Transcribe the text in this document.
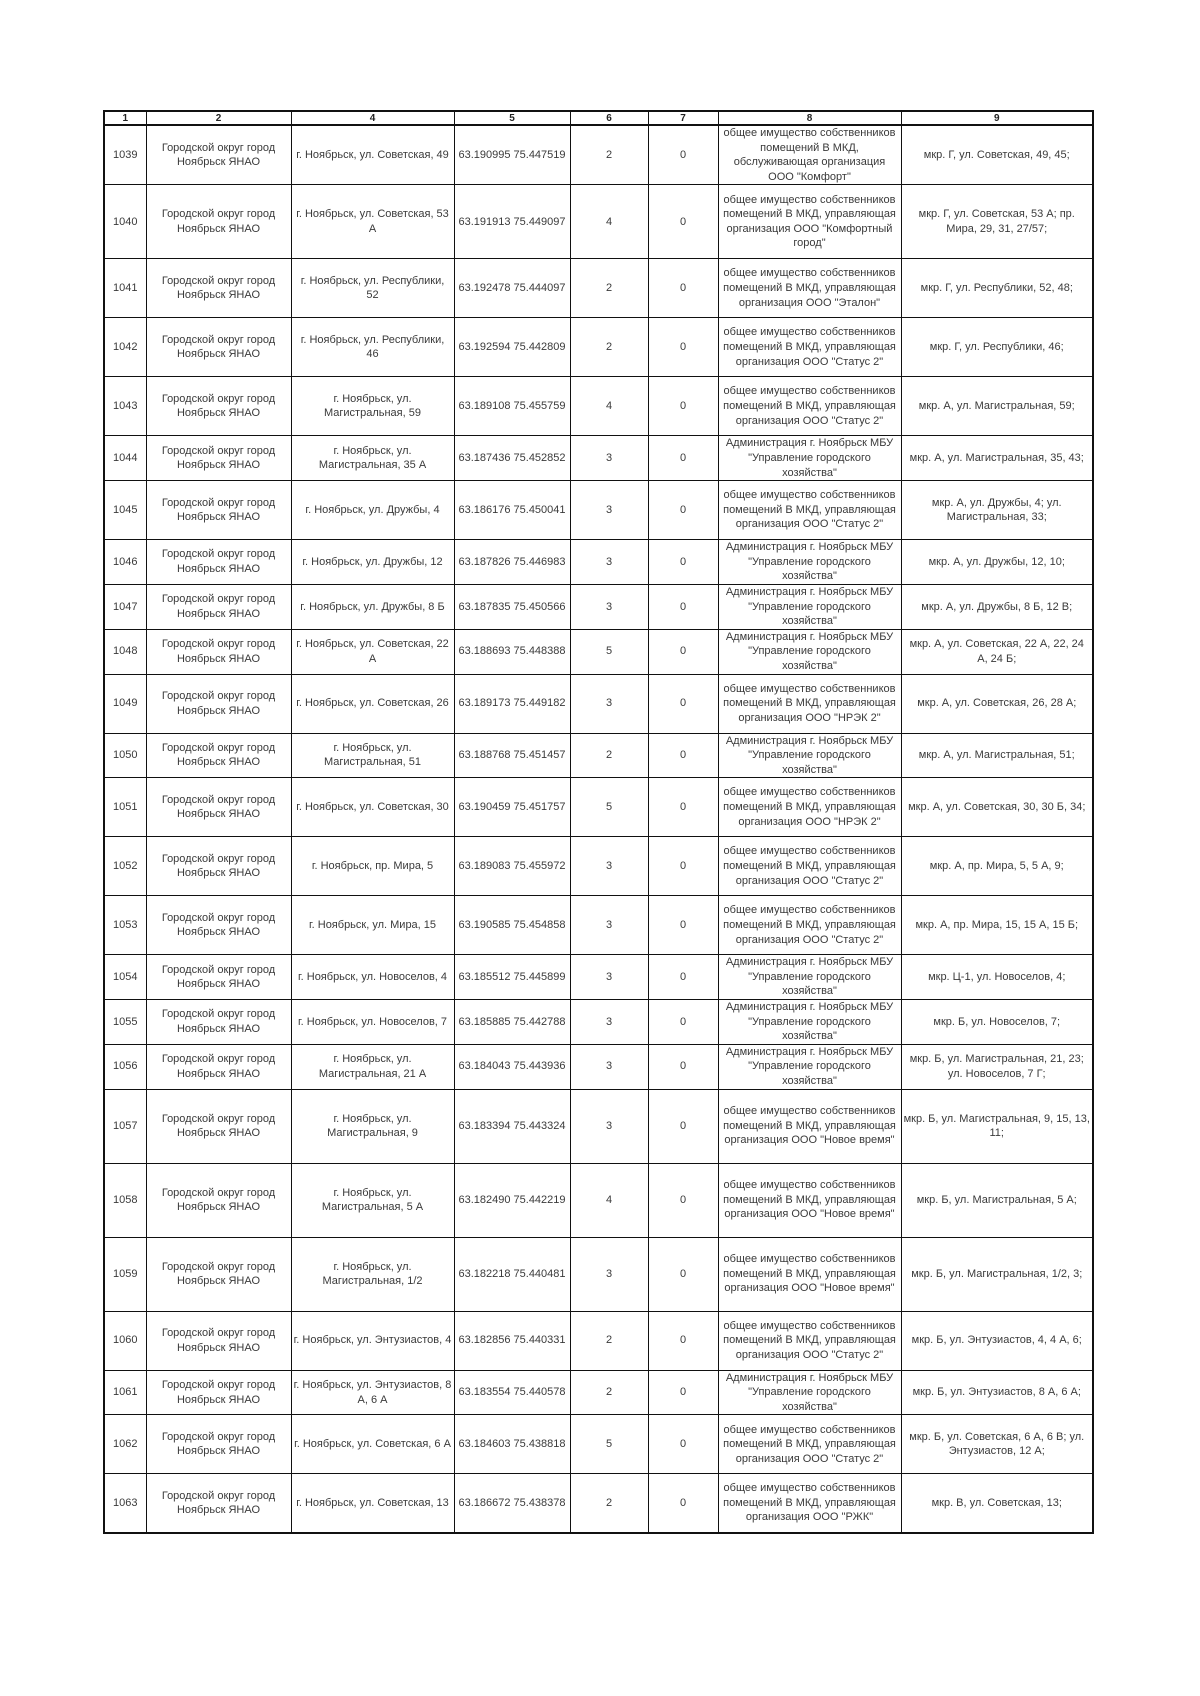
1	2	4	5	6	7	8	9
1039	Городской округ город Ноябрьск ЯНАО	г. Ноябрьск, ул. Советская, 49	63.190995 75.447519	2	0	общее имущество собственников помещений В МКД, обслуживающая организация ООО "Комфорт"	мкр. Г, ул. Советская, 49, 45;
1040	Городской округ город Ноябрьск ЯНАО	г. Ноябрьск, ул. Советская, 53 А	63.191913 75.449097	4	0	общее имущество собственников помещений В МКД, управляющая организация ООО "Комфортный город"	мкр. Г, ул. Советская, 53 А; пр. Мира, 29, 31, 27/57;
1041	Городской округ город Ноябрьск ЯНАО	г. Ноябрьск, ул. Республики, 52	63.192478 75.444097	2	0	общее имущество собственников помещений В МКД, управляющая организация ООО "Эталон"	мкр. Г, ул. Республики, 52, 48;
1042	Городской округ город Ноябрьск ЯНАО	г. Ноябрьск, ул. Республики, 46	63.192594 75.442809	2	0	общее имущество собственников помещений В МКД, управляющая организация ООО "Статус 2"	мкр. Г, ул. Республики, 46;
1043	Городской округ город Ноябрьск ЯНАО	г. Ноябрьск, ул. Магистральная, 59	63.189108 75.455759	4	0	общее имущество собственников помещений В МКД, управляющая организация ООО "Статус 2"	мкр. А, ул. Магистральная, 59;
1044	Городской округ город Ноябрьск ЯНАО	г. Ноябрьск, ул. Магистральная, 35 А	63.187436 75.452852	3	0	Администрация г. Ноябрьск МБУ "Управление городского хозяйства"	мкр. А, ул. Магистральная, 35, 43;
1045	Городской округ город Ноябрьск ЯНАО	г. Ноябрьск, ул. Дружбы, 4	63.186176 75.450041	3	0	общее имущество собственников помещений В МКД, управляющая организация ООО "Статус 2"	мкр. А, ул. Дружбы, 4; ул. Магистральная, 33;
1046	Городской округ город Ноябрьск ЯНАО	г. Ноябрьск, ул. Дружбы, 12	63.187826 75.446983	3	0	Администрация г. Ноябрьск МБУ "Управление городского хозяйства"	мкр. А, ул. Дружбы, 12, 10;
1047	Городской округ город Ноябрьск ЯНАО	г. Ноябрьск, ул. Дружбы, 8 Б	63.187835 75.450566	3	0	Администрация г. Ноябрьск МБУ "Управление городского хозяйства"	мкр. А, ул. Дружбы, 8 Б, 12 В;
1048	Городской округ город Ноябрьск ЯНАО	г. Ноябрьск, ул. Советская, 22 А	63.188693 75.448388	5	0	Администрация г. Ноябрьск МБУ "Управление городского хозяйства"	мкр. А, ул. Советская, 22 А, 22, 24 А, 24 Б;
1049	Городской округ город Ноябрьск ЯНАО	г. Ноябрьск, ул. Советская, 26	63.189173 75.449182	3	0	общее имущество собственников помещений В МКД, управляющая организация ООО "НРЭК 2"	мкр. А, ул. Советская, 26, 28 А;
1050	Городской округ город Ноябрьск ЯНАО	г. Ноябрьск, ул. Магистральная, 51	63.188768 75.451457	2	0	Администрация г. Ноябрьск МБУ "Управление городского хозяйства"	мкр. А, ул. Магистральная, 51;
1051	Городской округ город Ноябрьск ЯНАО	г. Ноябрьск, ул. Советская, 30	63.190459 75.451757	5	0	общее имущество собственников помещений В МКД, управляющая организация ООО "НРЭК 2"	мкр. А, ул. Советская, 30, 30 Б, 34;
1052	Городской округ город Ноябрьск ЯНАО	г. Ноябрьск, пр. Мира, 5	63.189083 75.455972	3	0	общее имущество собственников помещений В МКД, управляющая организация ООО "Статус 2"	мкр. А, пр. Мира, 5, 5 А, 9;
1053	Городской округ город Ноябрьск ЯНАО	г. Ноябрьск, ул. Мира, 15	63.190585 75.454858	3	0	общее имущество собственников помещений В МКД, управляющая организация ООО "Статус 2"	мкр. А, пр. Мира, 15, 15 А, 15 Б;
1054	Городской округ город Ноябрьск ЯНАО	г. Ноябрьск, ул. Новоселов, 4	63.185512 75.445899	3	0	Администрация г. Ноябрьск МБУ "Управление городского хозяйства"	мкр. Ц-1, ул. Новоселов, 4;
1055	Городской округ город Ноябрьск ЯНАО	г. Ноябрьск, ул. Новоселов, 7	63.185885 75.442788	3	0	Администрация г. Ноябрьск МБУ "Управление городского хозяйства"	мкр. Б, ул. Новоселов, 7;
1056	Городской округ город Ноябрьск ЯНАО	г. Ноябрьск, ул. Магистральная, 21 А	63.184043 75.443936	3	0	Администрация г. Ноябрьск МБУ "Управление городского хозяйства"	мкр. Б, ул. Магистральная, 21, 23; ул. Новоселов, 7 Г;
1057	Городской округ город Ноябрьск ЯНАО	г. Ноябрьск, ул. Магистральная, 9	63.183394 75.443324	3	0	общее имущество собственников помещений В МКД, управляющая организация ООО "Новое время"	мкр. Б, ул. Магистральная, 9, 15, 13, 11;
1058	Городской округ город Ноябрьск ЯНАО	г. Ноябрьск, ул. Магистральная, 5 А	63.182490 75.442219	4	0	общее имущество собственников помещений В МКД, управляющая организация ООО "Новое время"	мкр. Б, ул. Магистральная, 5 А;
1059	Городской округ город Ноябрьск ЯНАО	г. Ноябрьск, ул. Магистральная, 1/2	63.182218 75.440481	3	0	общее имущество собственников помещений В МКД, управляющая организация ООО "Новое время"	мкр. Б, ул. Магистральная, 1/2, 3;
1060	Городской округ город Ноябрьск ЯНАО	г. Ноябрьск, ул. Энтузиастов, 4	63.182856 75.440331	2	0	общее имущество собственников помещений В МКД, управляющая организация ООО "Статус 2"	мкр. Б, ул. Энтузиастов, 4, 4 А, 6;
1061	Городской округ город Ноябрьск ЯНАО	г. Ноябрьск, ул. Энтузиастов, 8 А, 6 А	63.183554 75.440578	2	0	Администрация г. Ноябрьск МБУ "Управление городского хозяйства"	мкр. Б, ул. Энтузиастов, 8 А, 6 А;
1062	Городской округ город Ноябрьск ЯНАО	г. Ноябрьск, ул. Советская, 6 А	63.184603 75.438818	5	0	общее имущество собственников помещений В МКД, управляющая организация ООО "Статус 2"	мкр. Б, ул. Советская, 6 А, 6 В; ул. Энтузиастов, 12 А;
1063	Городской округ город Ноябрьск ЯНАО	г. Ноябрьск, ул. Советская, 13	63.186672 75.438378	2	0	общее имущество собственников помещений В МКД, управляющая организация ООО "РЖК"	мкр. В, ул. Советская, 13;
